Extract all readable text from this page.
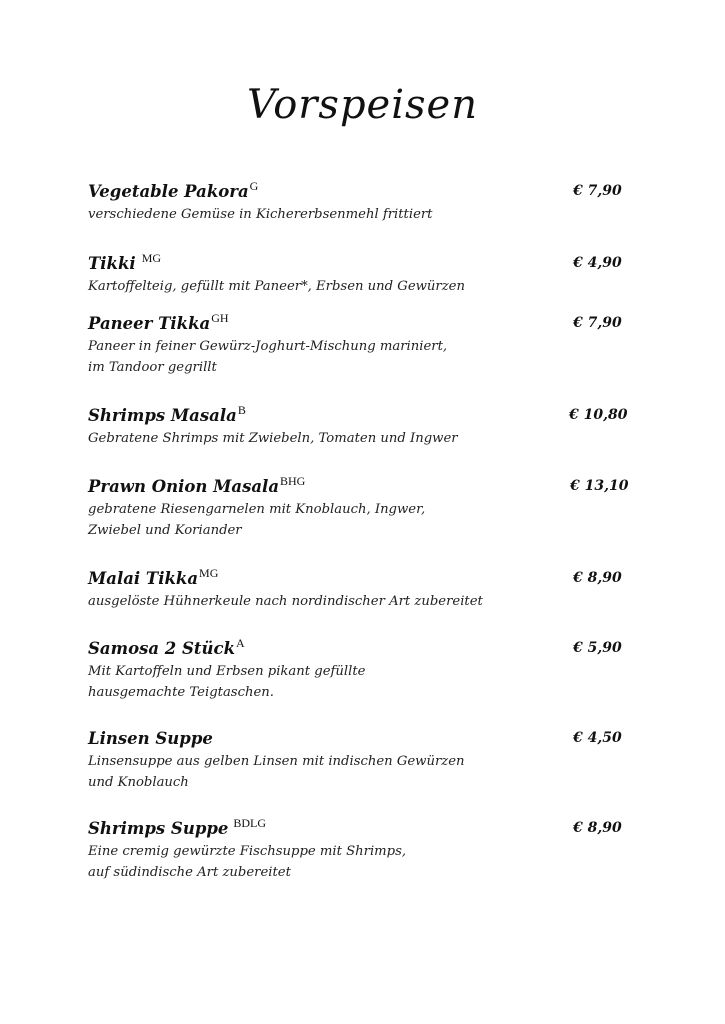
Vorspeisen
Vegetable Pakora$^G$
verschiedene Gemüse in Kichererbsenmehl frittiert
€ 7,90
Tikki $^{MG}$
Kartoffelteig, gefüllt mit Paneer*, Erbsen und Gewürzen
€ 4,90
Paneer Tikka$^{GH}$
Paneer in feiner Gewürz-Joghurt-Mischung mariniert,
im Tandoor gegrillt
€ 7,90
Shrimps Masala$^B$
Gebratene Shrimps mit Zwiebeln, Tomaten und Ingwer
€ 10,80
Prawn Onion Masala$^{BHG}$
gebratene Riesengarnelen mit Knoblauch, Ingwer,
Zwiebel und Koriander
€ 13,10
Malai Tikka$^{MG}$
ausgelöste Hühnerkeule nach nordindischer Art zubereitet
€ 8,90
Samosa 2 Stück$^A$
Mit Kartoffeln und Erbsen pikant gefüllte
hausgemachte Teigtaschen.
€ 5,90
Linsen Suppe
Linsensuppe aus gelben Linsen mit indischen Gewürzen
und Knoblauch
€ 4,50
Shrimps Suppe $^{BDLG}$
Eine cremig gewürzte Fischsuppe mit Shrimps,
auf südindische Art zubereitet
€ 8,90
